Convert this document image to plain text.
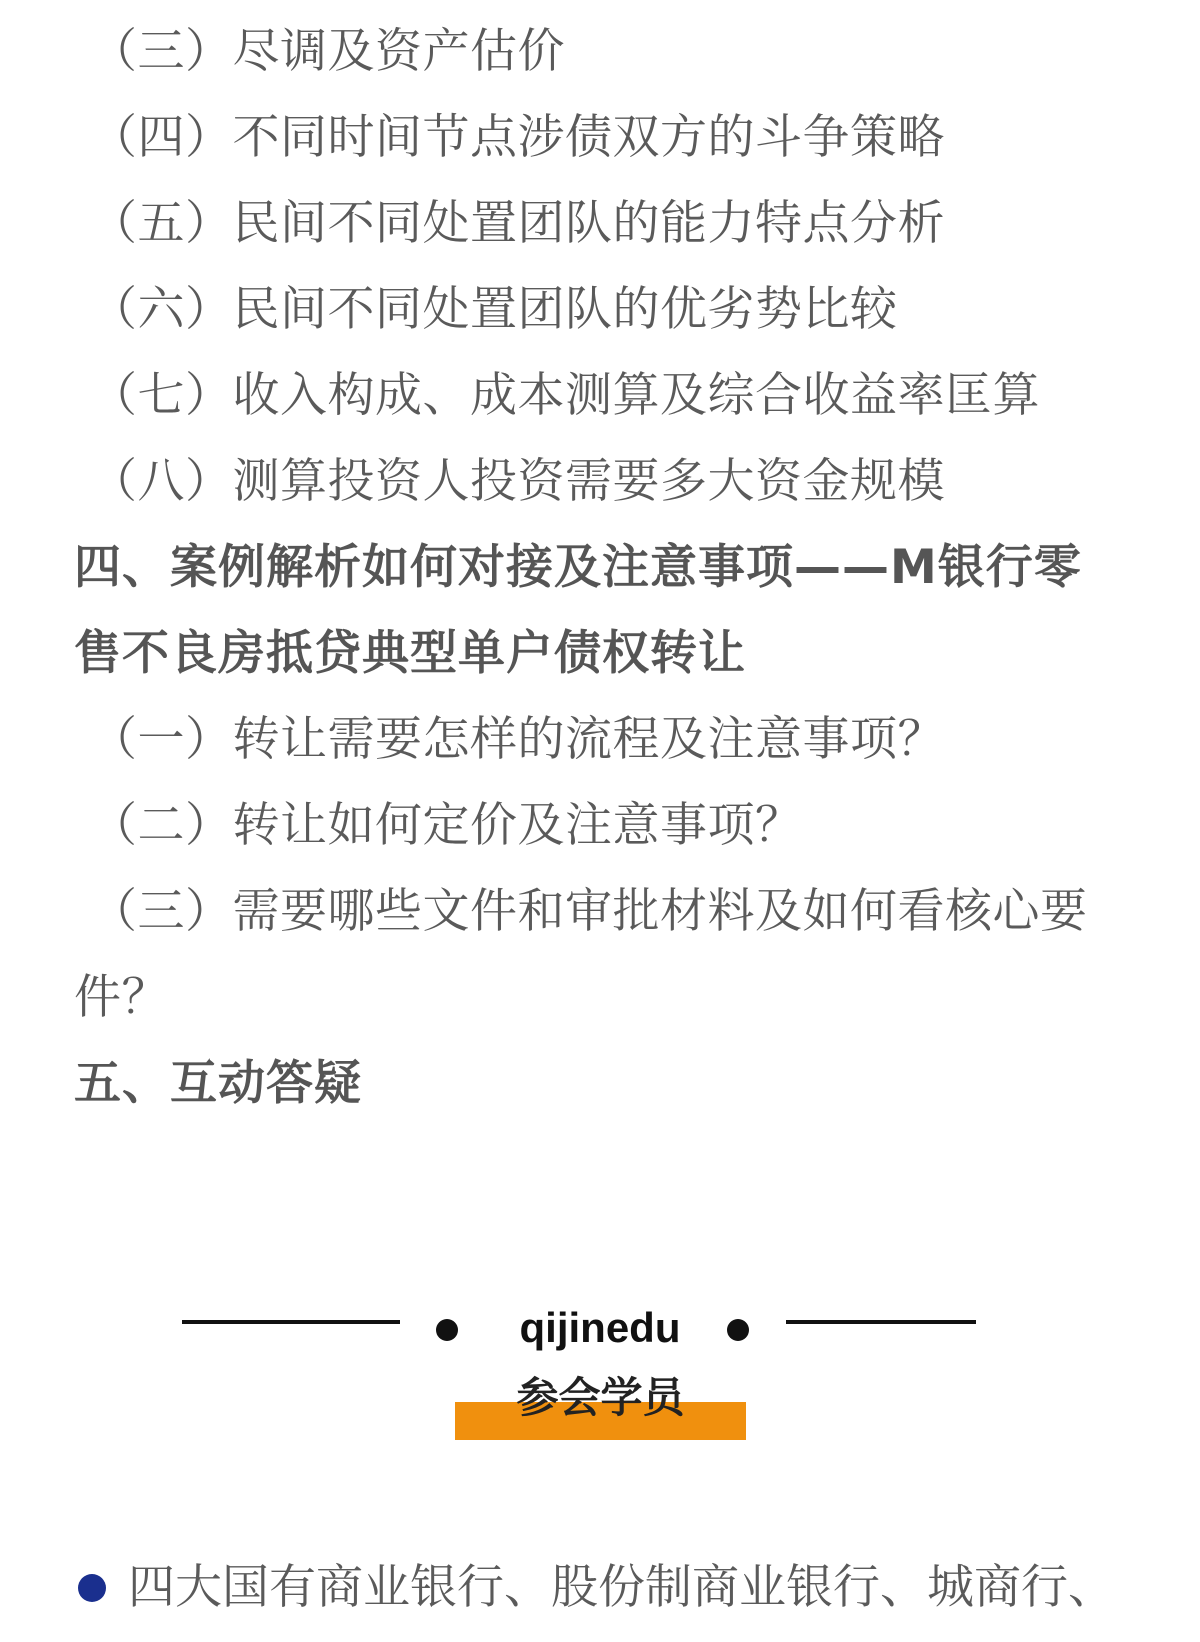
（三）尽调及资产估价
（四）不同时间节点涉债双方的斗争策略
（五）民间不同处置团队的能力特点分析
（六）民间不同处置团队的优劣势比较
（七）收入构成、成本测算及综合收益率匡算
（八）测算投资人投资需要多大资金规模
四、案例解析如何对接及注意事项——M银行零
售不良房抵贷典型单户债权转让
（一）转让需要怎样的流程及注意事项？
（二）转让如何定价及注意事项？
（三）需要哪些文件和审批材料及如何看核心要
件？
五、互动答疑
qijinedu
参会学员
四大国有商业银行、股份制商业银行、城商行、
